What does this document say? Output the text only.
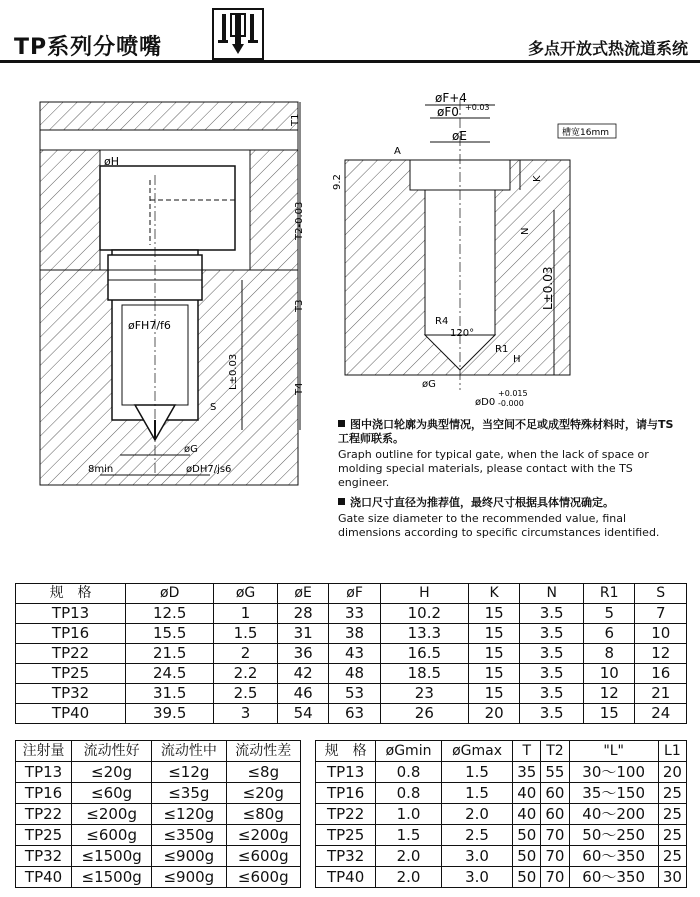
TP系列分喷嘴	多点开放式热流道系统
øH
øFH7/f6
T1
T2-0.03
T3
T4
L±0.03
øG
øDH7/js6
8min
S
øF+4
øF0 +0.03
øE
A
槽宽16mm
9.2	K
N
L±0.03
R4
120°
R1
H
øG
øD0
+0.015
-0.000

图中浇口轮廓为典型情况，当空间不足或成型特殊材料时，请与TS工程师联系。

Graph outline for typical gate, when the lack of space or molding special materials, please contact with the TS engineer.

浇口尺寸直径为推荐值，最终尺寸根据具体情况确定。

Gate size diameter to the recommended value, final dimensions according to specific circumstances identified.

规　格	øD	øG	øE	øF	H	K	N	R1	S
TP13	12.5	1	28	33	10.2	15	3.5	5	7
TP16	15.5	1.5	31	38	13.3	15	3.5	6	10
TP22	21.5	2	36	43	16.5	15	3.5	8	12
TP25	24.5	2.2	42	48	18.5	15	3.5	10	16
TP32	31.5	2.5	46	53	23	15	3.5	12	21
TP40	39.5	3	54	63	26	20	3.5	15	24
注射量	流动性好	流动性中	流动性差
TP13	≤20g	≤12g	≤8g
TP16	≤60g	≤35g	≤20g
TP22	≤200g	≤120g	≤80g
TP25	≤600g	≤350g	≤200g
TP32	≤1500g	≤900g	≤600g
TP40	≤1500g	≤900g	≤600g
规　格	øGmin	øGmax	T	T2	"L"	L1
TP13	0.8	1.5	35	55	30～100	20
TP16	0.8	1.5	40	60	35～150	25
TP22	1.0	2.0	40	60	40～200	25
TP25	1.5	2.5	50	70	50～250	25
TP32	2.0	3.0	50	70	60～350	25
TP40	2.0	3.0	50	70	60～350	30
